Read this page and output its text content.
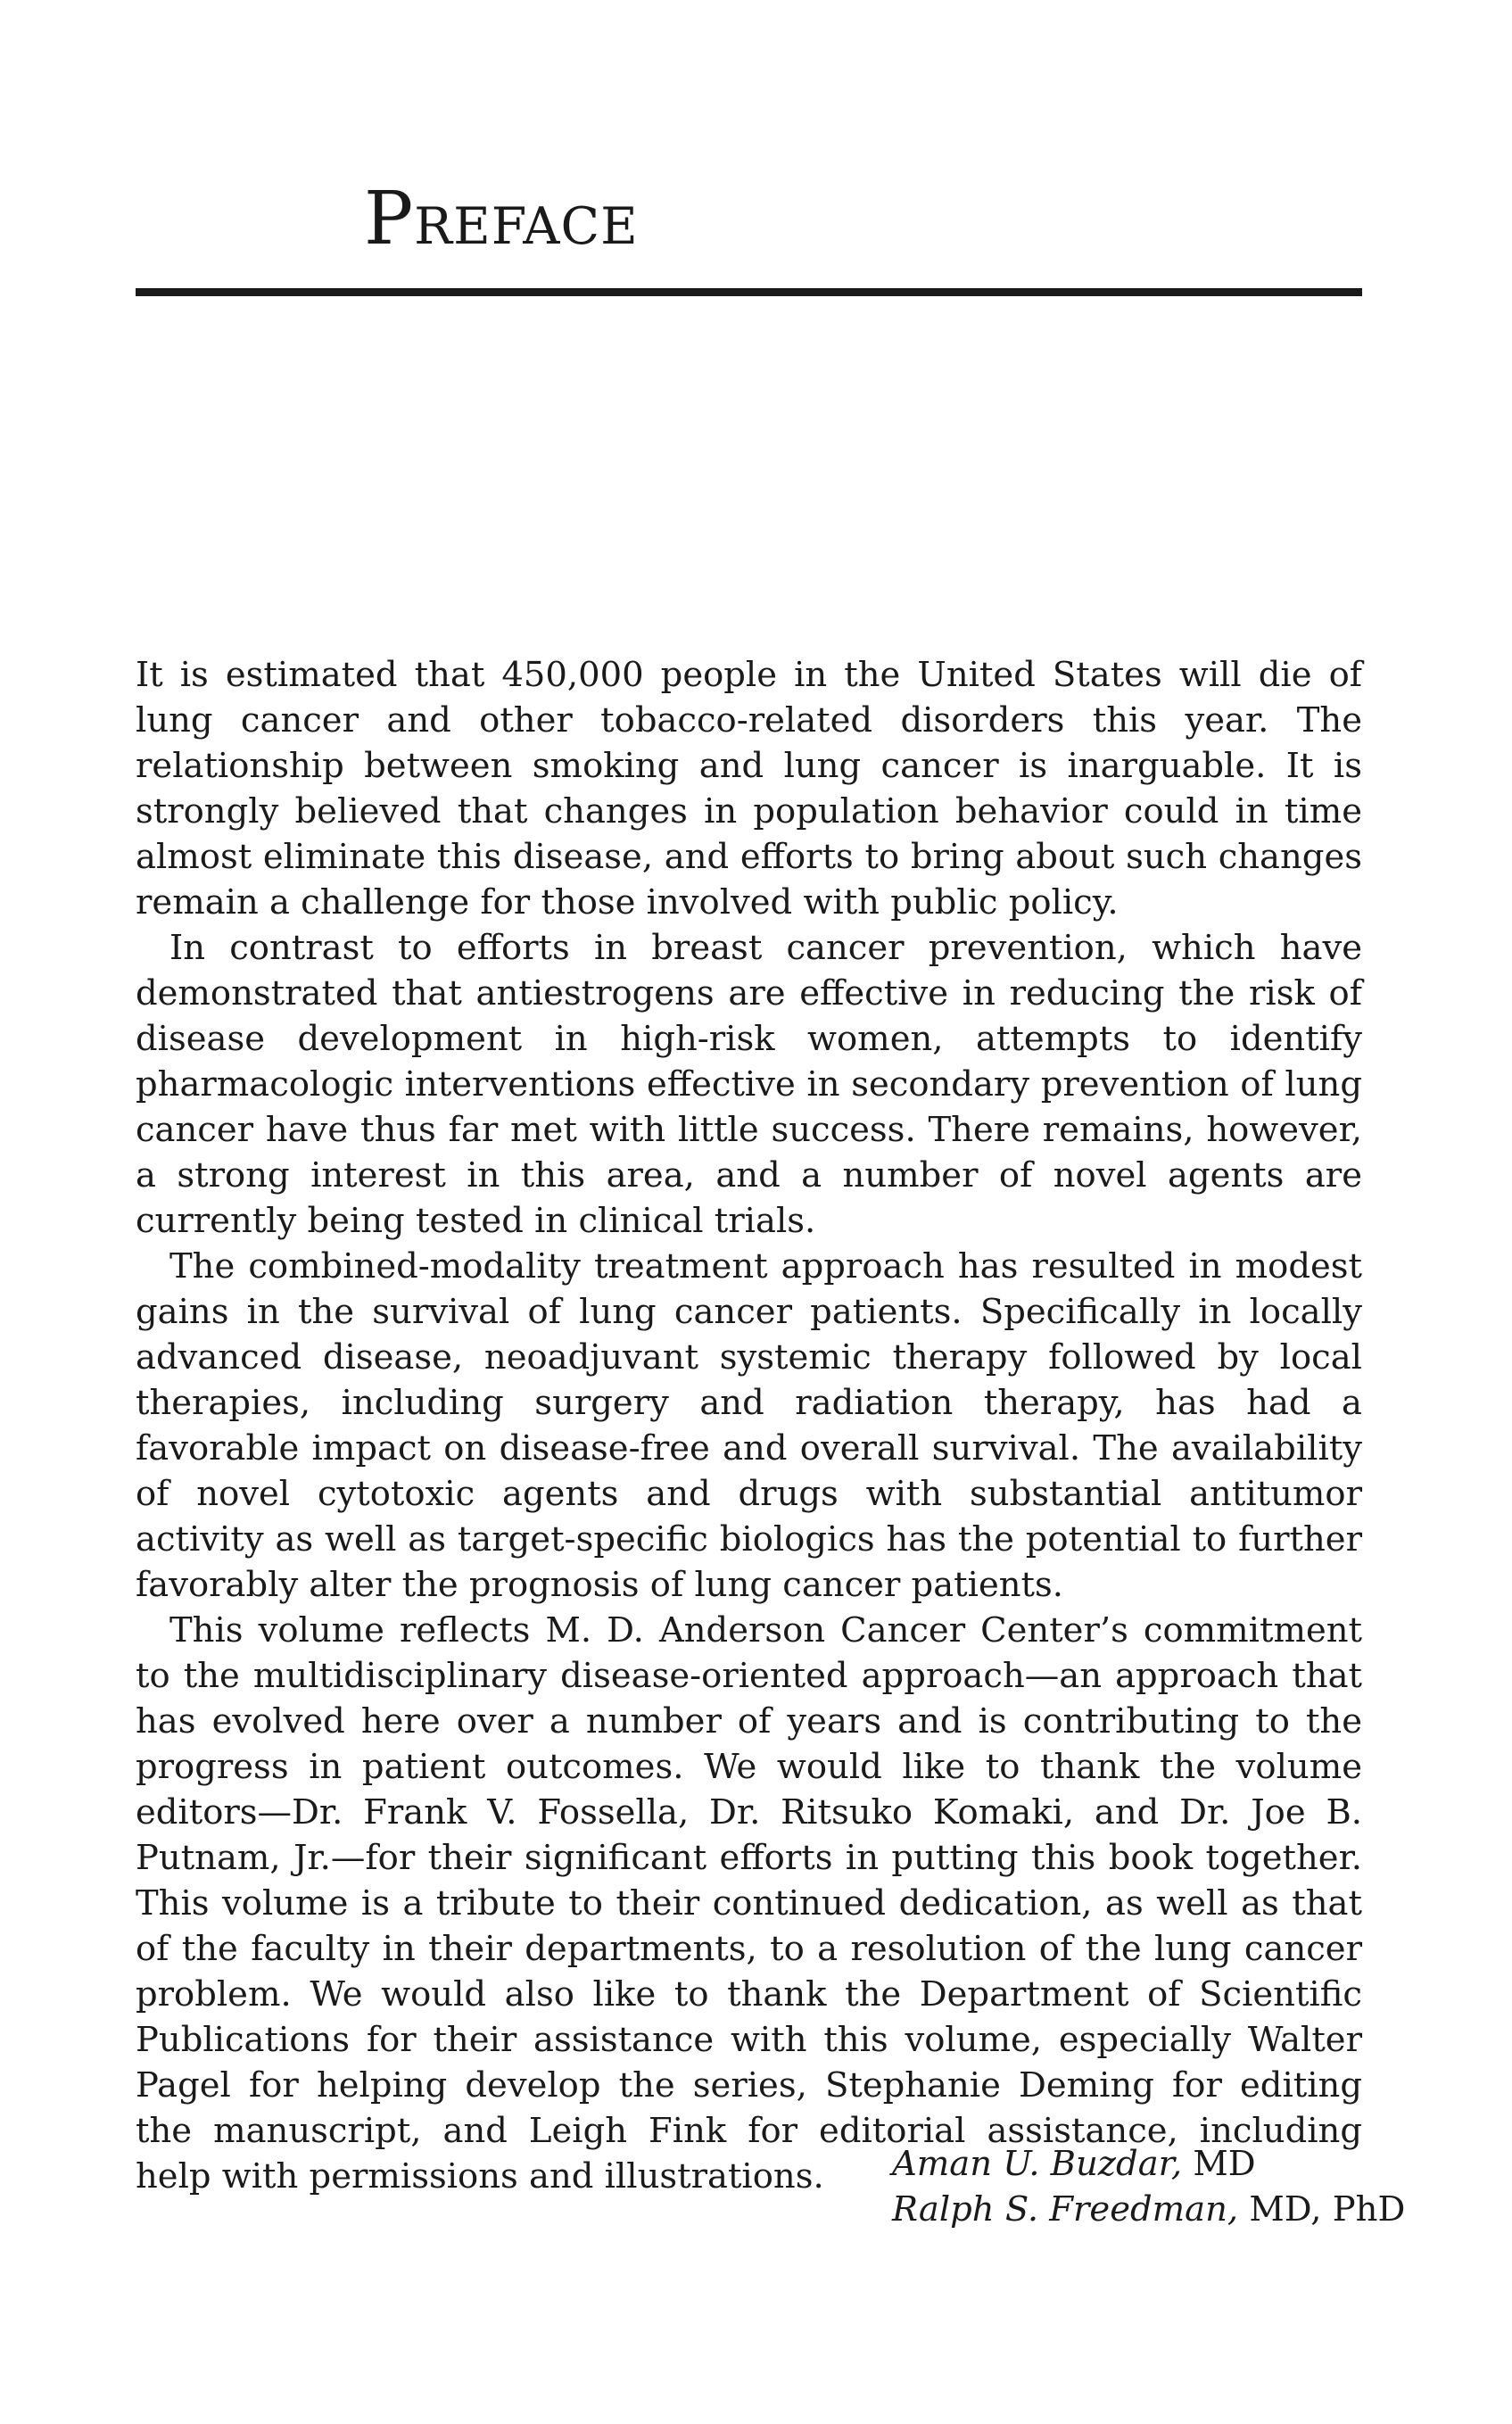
Preface

It is estimated that 450,000 people in the United States will die of lung cancer and other tobacco-related disorders this year. The relationship between smoking and lung cancer is inarguable. It is strongly believed that changes in population behavior could in time almost eliminate this disease, and efforts to bring about such changes remain a challenge for those involved with public policy.

In contrast to efforts in breast cancer prevention, which have demonstrated that antiestrogens are effective in reducing the risk of disease development in high-risk women, attempts to identify pharmacologic interventions effective in secondary prevention of lung cancer have thus far met with little success. There remains, however, a strong interest in this area, and a number of novel agents are currently being tested in clinical trials.

The combined-modality treatment approach has resulted in modest gains in the survival of lung cancer patients. Specifically in locally advanced disease, neoadjuvant systemic therapy followed by local therapies, including surgery and radiation therapy, has had a favorable impact on disease-free and overall survival. The availability of novel cytotoxic agents and drugs with substantial antitumor activity as well as target-specific biologics has the potential to further favorably alter the prognosis of lung cancer patients.

This volume reflects M. D. Anderson Cancer Center’s commitment to the multidisciplinary disease-oriented approach—an approach that has evolved here over a number of years and is contributing to the progress in patient outcomes. We would like to thank the volume editors—Dr. Frank V. Fossella, Dr. Ritsuko Komaki, and Dr. Joe B. Putnam, Jr.—for their significant efforts in putting this book together. This volume is a tribute to their continued dedication, as well as that of the faculty in their departments, to a resolution of the lung cancer problem. We would also like to thank the Department of Scientific Publications for their assistance with this volume, especially Walter Pagel for helping develop the series, Stephanie Deming for editing the manuscript, and Leigh Fink for editorial assistance, including help with permissions and illustrations.	Aman U. Buzdar, MD
Ralph S. Freedman, MD, PhD
